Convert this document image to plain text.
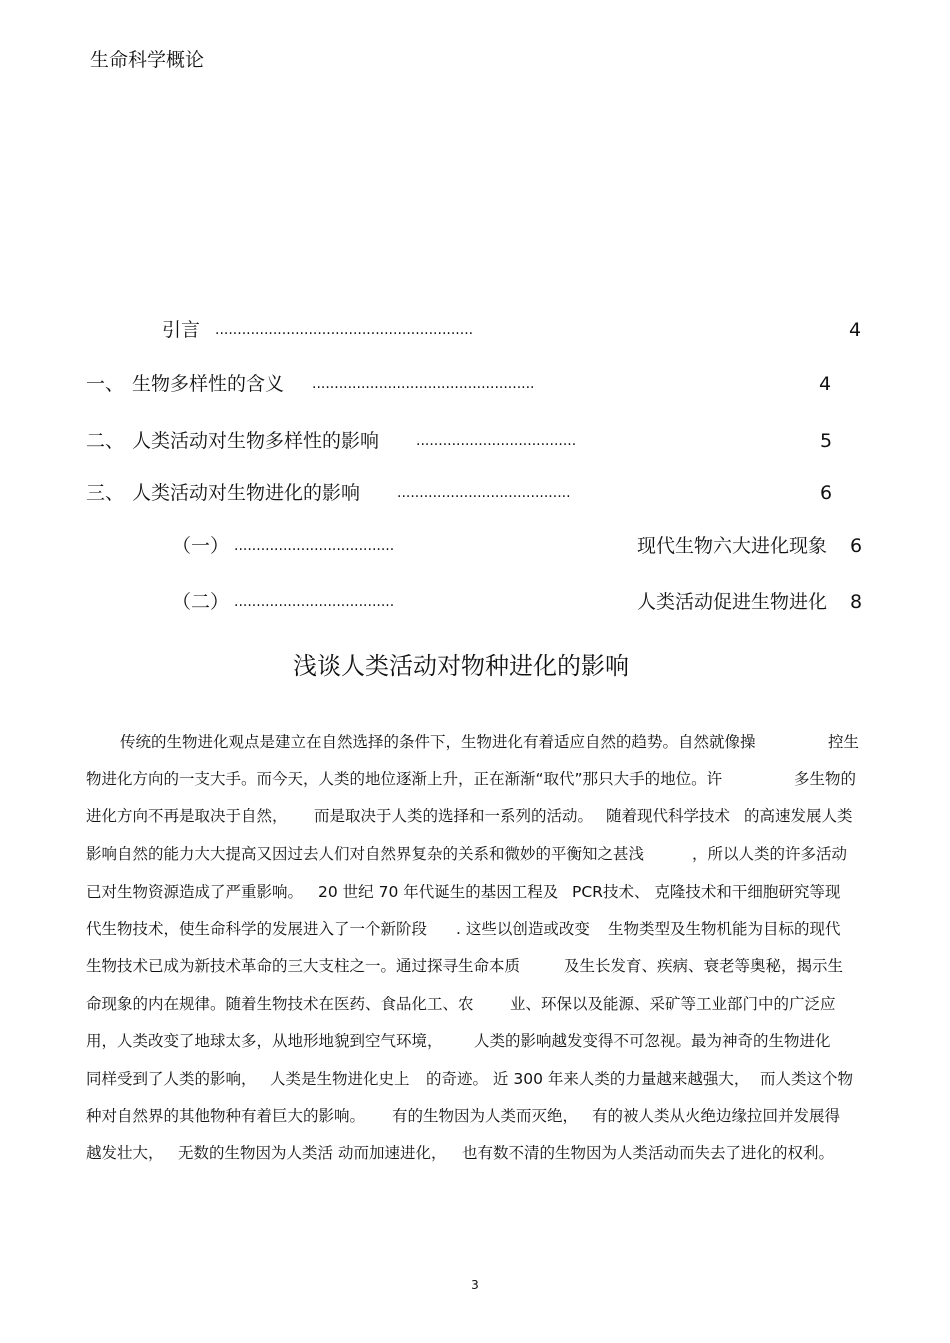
生命科学概论
引言 ..........................................................	4
一、 生物多样性的含义 ..................................................	4
二、 人类活动对生物多样性的影响	....................................	5
三、 人类活动对生物进化的影响	.......................................	6
（一） ....................................	现代生物六大进化现象 6
（二） ....................................	人类活动促进生物进化 8
浅谈人类活动对物种进化的影响
传统的生物进化观点是建立在自然选择的条件下，生物进化有着适应自然的趋势。自然就像操	控生
物进化方向的一支大手。而今天，人类的地位逐渐上升，正在渐渐“取代”那只大手的地位。许	多生物的
进化方向不再是取决于自然， 而是取决于人类的选择和一系列的活动。 随着现代科学技术 的高速发展人类
影响自然的能力大大提高又因过去人们对自然界复杂的关系和微妙的平衡知之甚浅	，所以人类的许多活动
已对生物资源造成了严重影响。 20 世纪 70 年代诞生的基因工程及 PCR技术、 克隆技术和干细胞研究等现
代生物技术，使生命科学的发展进入了一个新阶段 . 这些以创造或改变 生物类型及生物机能为目标的现代
生物技术已成为新技术革命的三大支柱之一。通过探寻生命本质	及生长发育、疾病、衰老等奥秘，揭示生
命现象的内在规律。随着生物技术在医药、食品化工、农 业、环保以及能源、采矿等工业部门中的广泛应
用，人类改变了地球太多，从地形地貌到空气环境， 人类的影响越发变得不可忽视。最为神奇的生物进化
同样受到了人类的影响， 人类是生物进化史上 的奇迹。 近 300 年来人类的力量越来越强大， 而人类这个物
种对自然界的其他物种有着巨大的影响。 有的生物因为人类而灭绝， 有的被人类从火绝边缘拉回并发展得
越发壮大， 无数的生物因为人类活 动而加速进化， 也有数不清的生物因为人类活动而失去了进化的权利。
3
